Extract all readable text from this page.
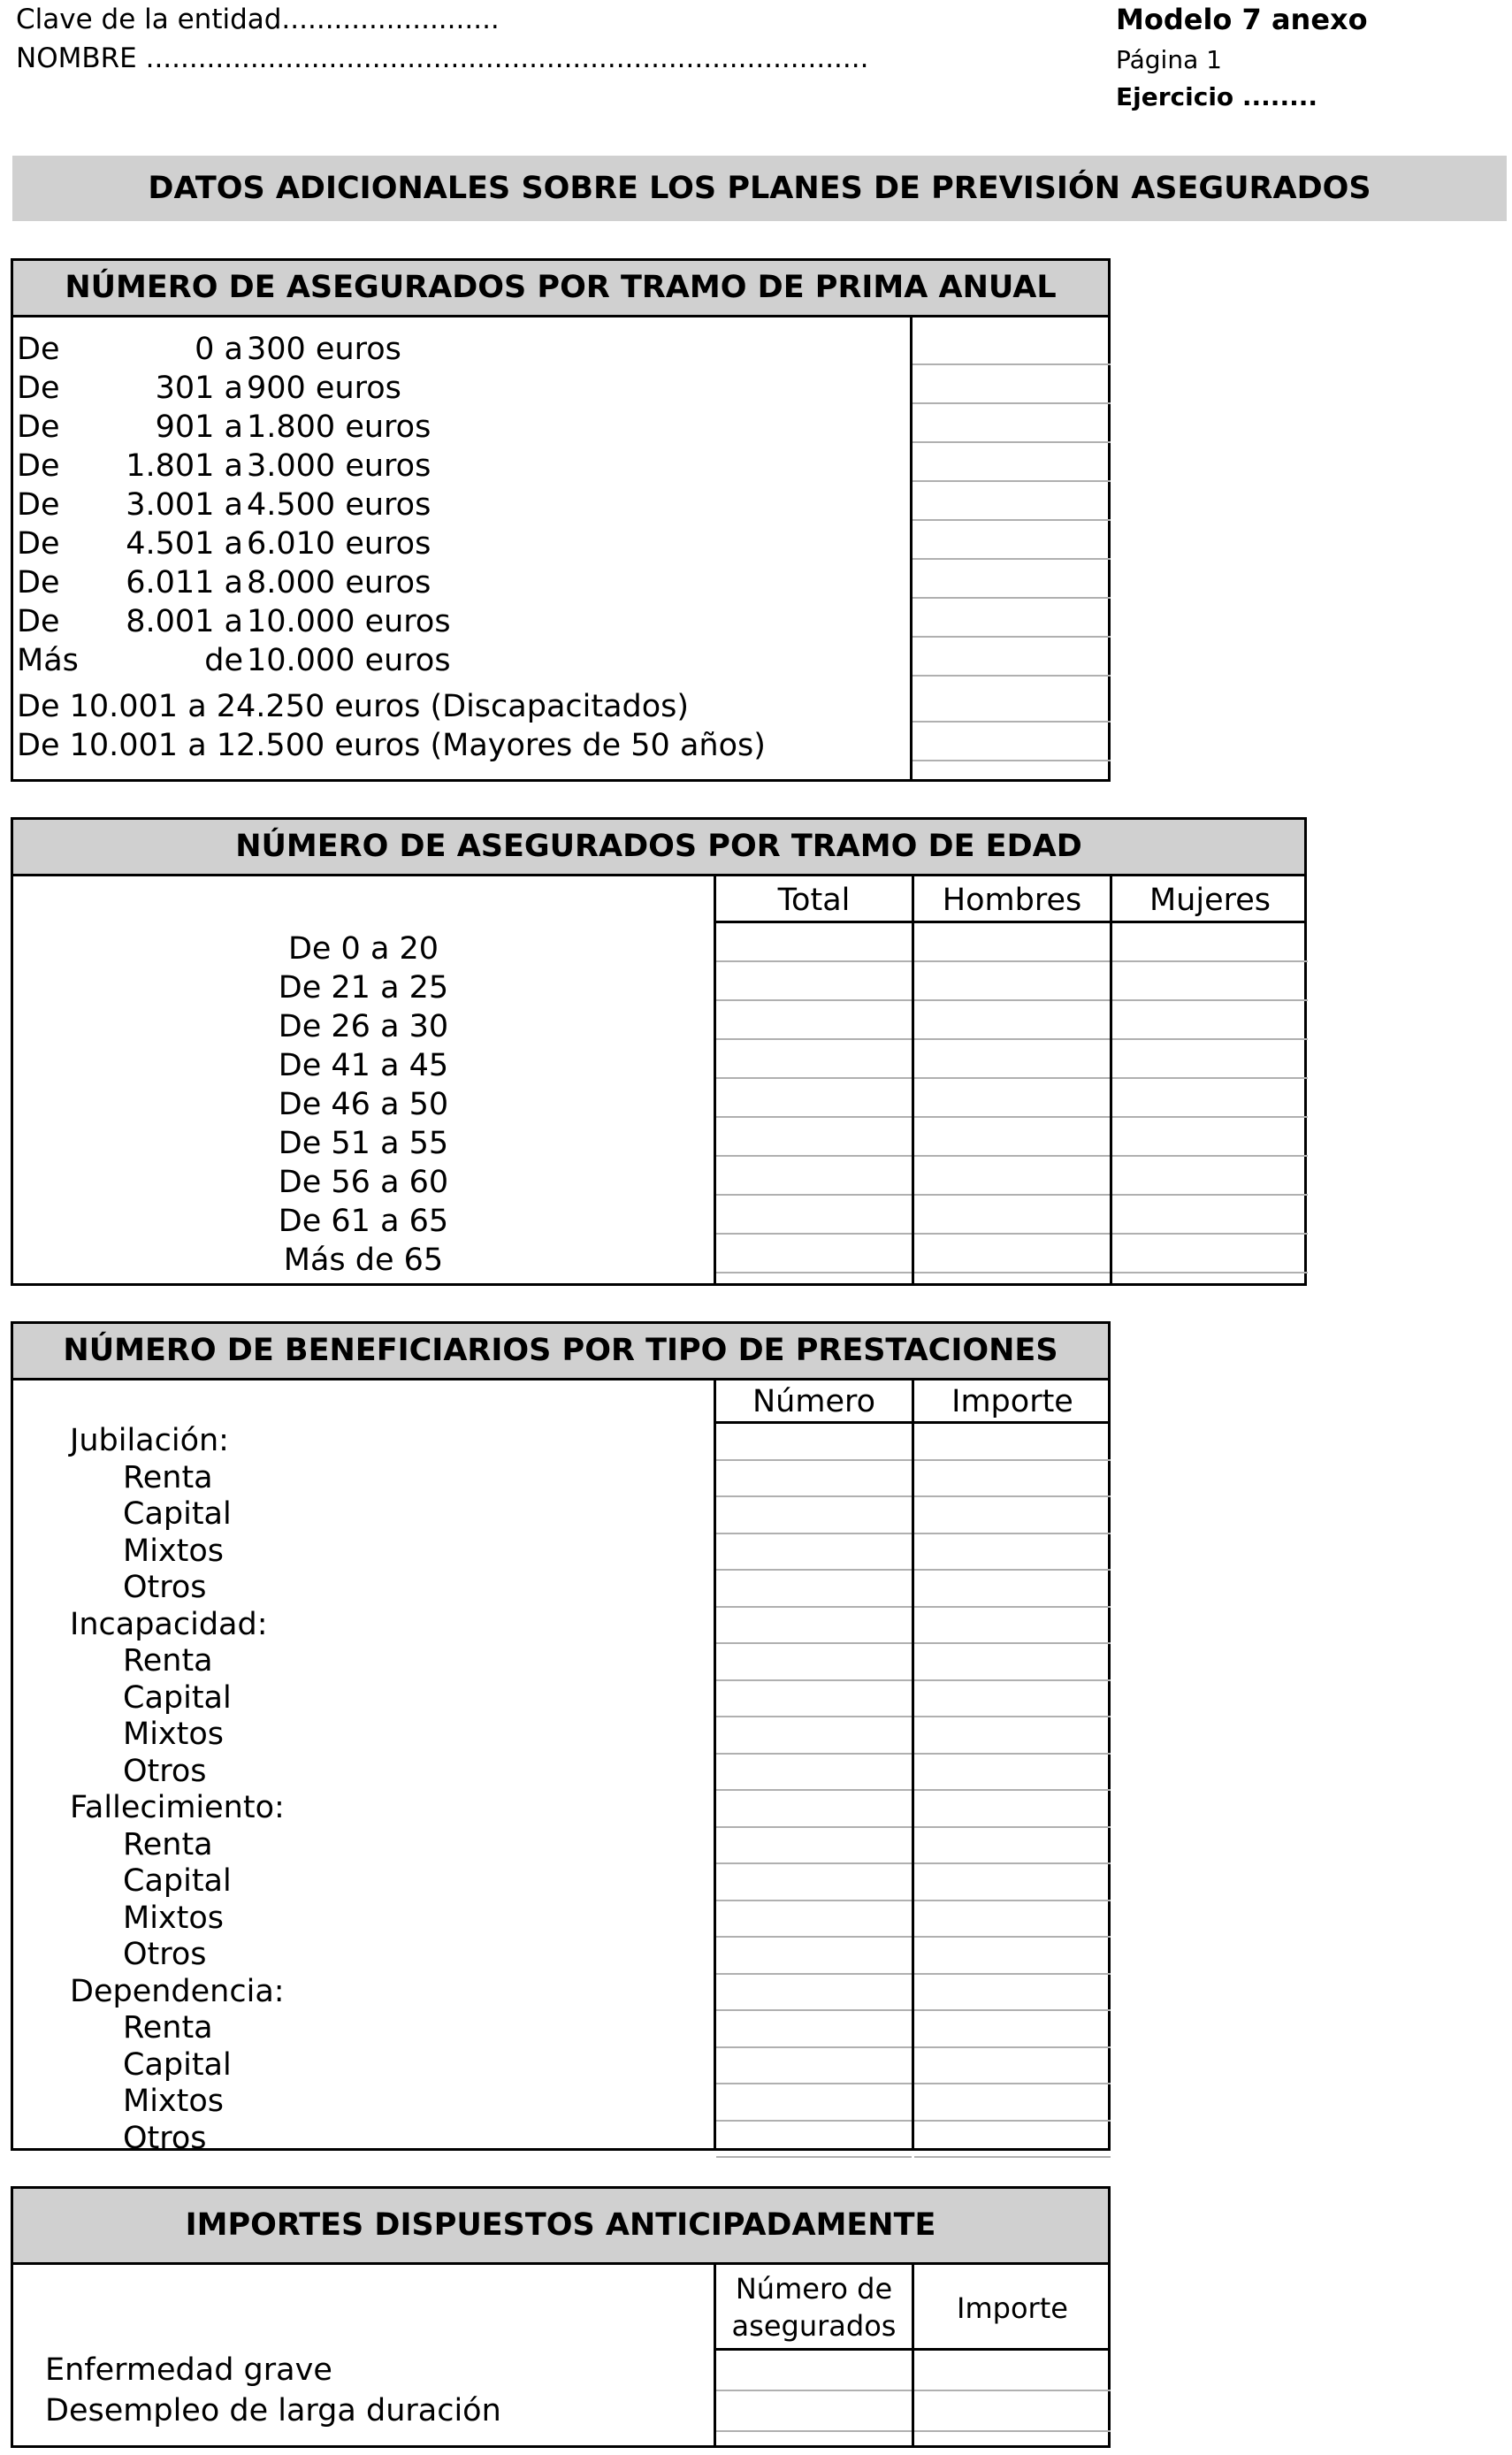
Clave de la entidad.........................
NOMBRE ...................................................................................
Modelo 7 anexo
Página 1
Ejercicio ........
DATOS ADICIONALES SOBRE LOS PLANES DE PREVISIÓN ASEGURADOS
NÚMERO DE ASEGURADOS POR TRAMO DE PRIMA ANUAL
De	0 a 300 euros
De	301 a 900 euros
De	901 a 1.800 euros
De	1.801 a 3.000 euros
De	3.001 a 4.500 euros
De	4.501 a 6.010 euros
De	6.011 a 8.000 euros
De	8.001 a 10.000 euros
Más	de 10.000 euros
De 10.001 a 24.250 euros (Discapacitados)
De 10.001 a 12.500 euros (Mayores de 50 años)
NÚMERO DE ASEGURADOS POR TRAMO DE EDAD
Total	Hombres	Mujeres
De 0 a 20
De 21 a 25
De 26 a 30
De 41 a 45
De 46 a 50
De 51 a 55
De 56 a 60
De 61 a 65
Más de 65
NÚMERO DE BENEFICIARIOS POR TIPO DE PRESTACIONES
Número	Importe
Jubilación:
Renta
Capital
Mixtos
Otros
Incapacidad:
Renta
Capital
Mixtos
Otros
Fallecimiento:
Renta
Capital
Mixtos
Otros
Dependencia:
Renta
Capital
Mixtos
Otros
IMPORTES DISPUESTOS ANTICIPADAMENTE
Número de
asegurados
Importe
Enfermedad grave
Desempleo de larga duración
